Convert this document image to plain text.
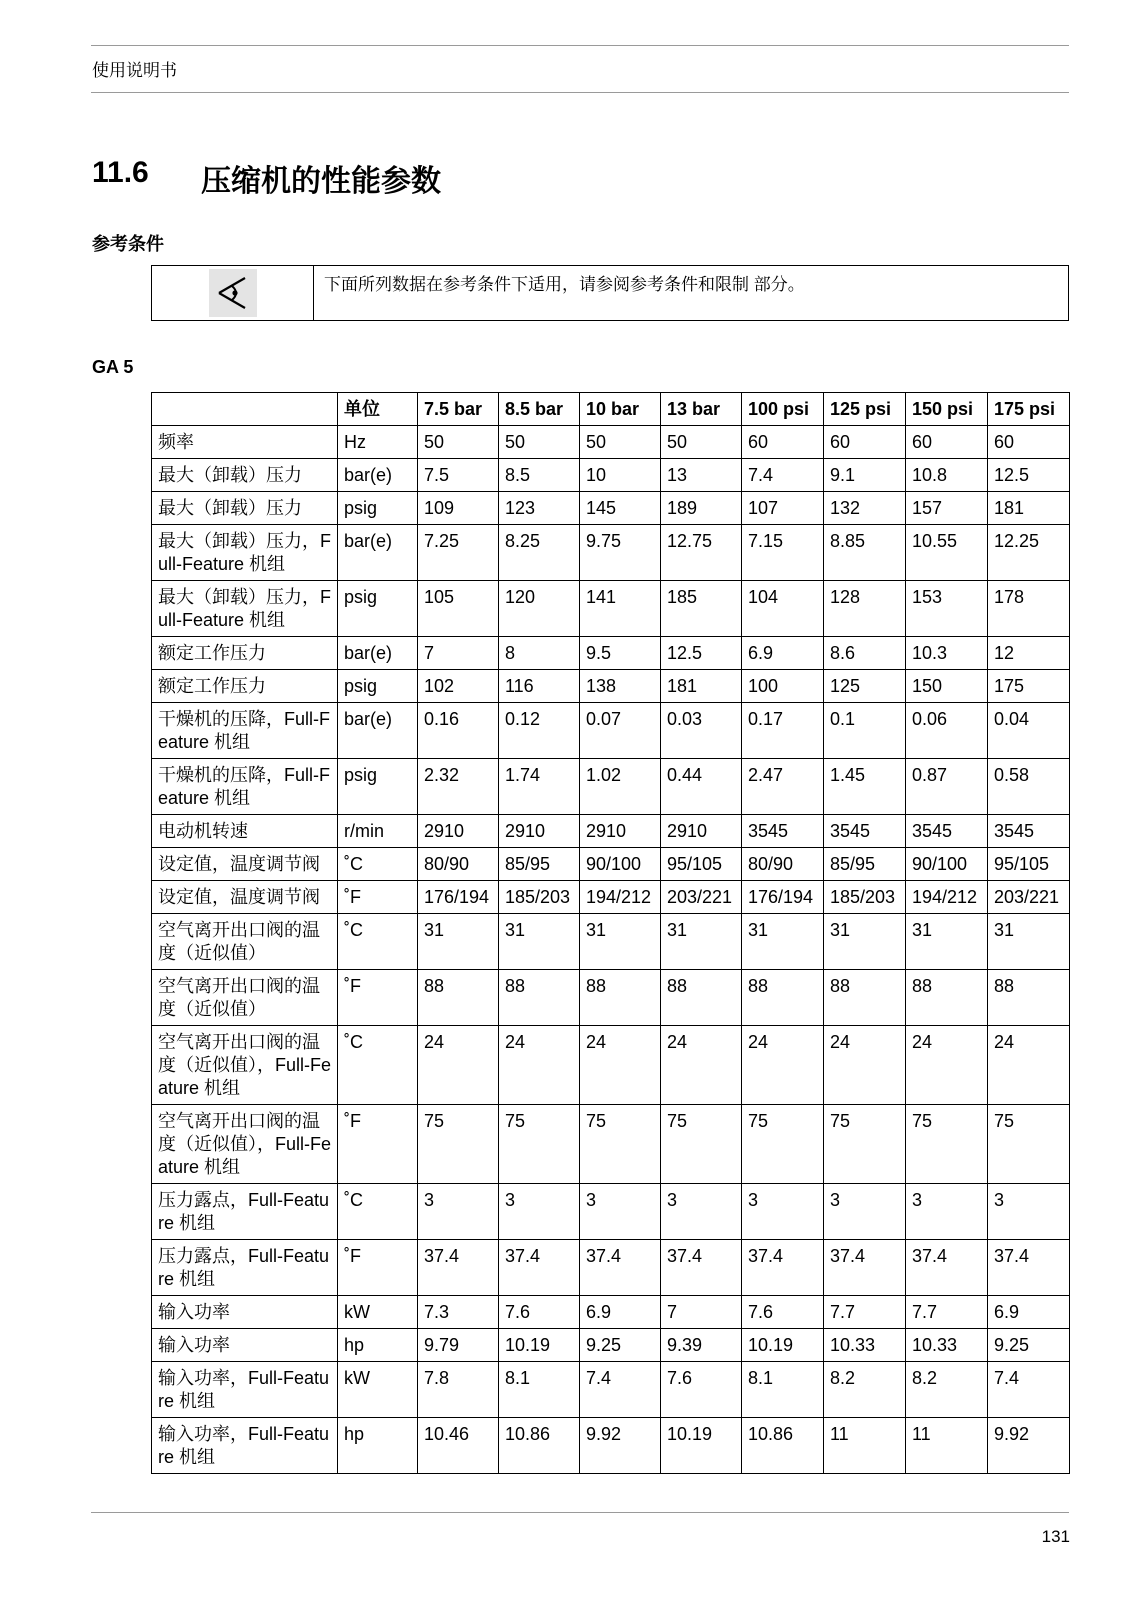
使用说明书
11.6	压缩机的性能参数
参考条件
下面所列数据在参考条件下适用，请参阅参考条件和限制 部分。
GA 5
	单位	7.5 bar	8.5 bar	10 bar	13 bar	100 psi	125 psi	150 psi	175 psi
频率	Hz	50	50	50	50	60	60	60	60
最大（卸载）压力	bar(e)	7.5	8.5	10	13	7.4	9.1	10.8	12.5
最大（卸载）压力	psig	109	123	145	189	107	132	157	181
最大（卸载）压力，Full-Feature 机组	bar(e)	7.25	8.25	9.75	12.75	7.15	8.85	10.55	12.25
最大（卸载）压力，Full-Feature 机组	psig	105	120	141	185	104	128	153	178
额定工作压力	bar(e)	7	8	9.5	12.5	6.9	8.6	10.3	12
额定工作压力	psig	102	116	138	181	100	125	150	175
干燥机的压降，Full-Feature 机组	bar(e)	0.16	0.12	0.07	0.03	0.17	0.1	0.06	0.04
干燥机的压降，Full-Feature 机组	psig	2.32	1.74	1.02	0.44	2.47	1.45	0.87	0.58
电动机转速	r/min	2910	2910	2910	2910	3545	3545	3545	3545
设定值，温度调节阀	˚C	80/90	85/95	90/100	95/105	80/90	85/95	90/100	95/105
设定值，温度调节阀	˚F	176/194	185/203	194/212	203/221	176/194	185/203	194/212	203/221
空气离开出口阀的温度（近似值）	˚C	31	31	31	31	31	31	31	31
空气离开出口阀的温度（近似值）	˚F	88	88	88	88	88	88	88	88
空气离开出口阀的温度（近似值），Full-Feature 机组	˚C	24	24	24	24	24	24	24	24
空气离开出口阀的温度（近似值），Full-Feature 机组	˚F	75	75	75	75	75	75	75	75
压力露点，Full-Feature 机组	˚C	3	3	3	3	3	3	3	3
压力露点，Full-Feature 机组	˚F	37.4	37.4	37.4	37.4	37.4	37.4	37.4	37.4
输入功率	kW	7.3	7.6	6.9	7	7.6	7.7	7.7	6.9
输入功率	hp	9.79	10.19	9.25	9.39	10.19	10.33	10.33	9.25
输入功率，Full-Feature 机组	kW	7.8	8.1	7.4	7.6	8.1	8.2	8.2	7.4
输入功率，Full-Feature 机组	hp	10.46	10.86	9.92	10.19	10.86	11	11	9.92
131
